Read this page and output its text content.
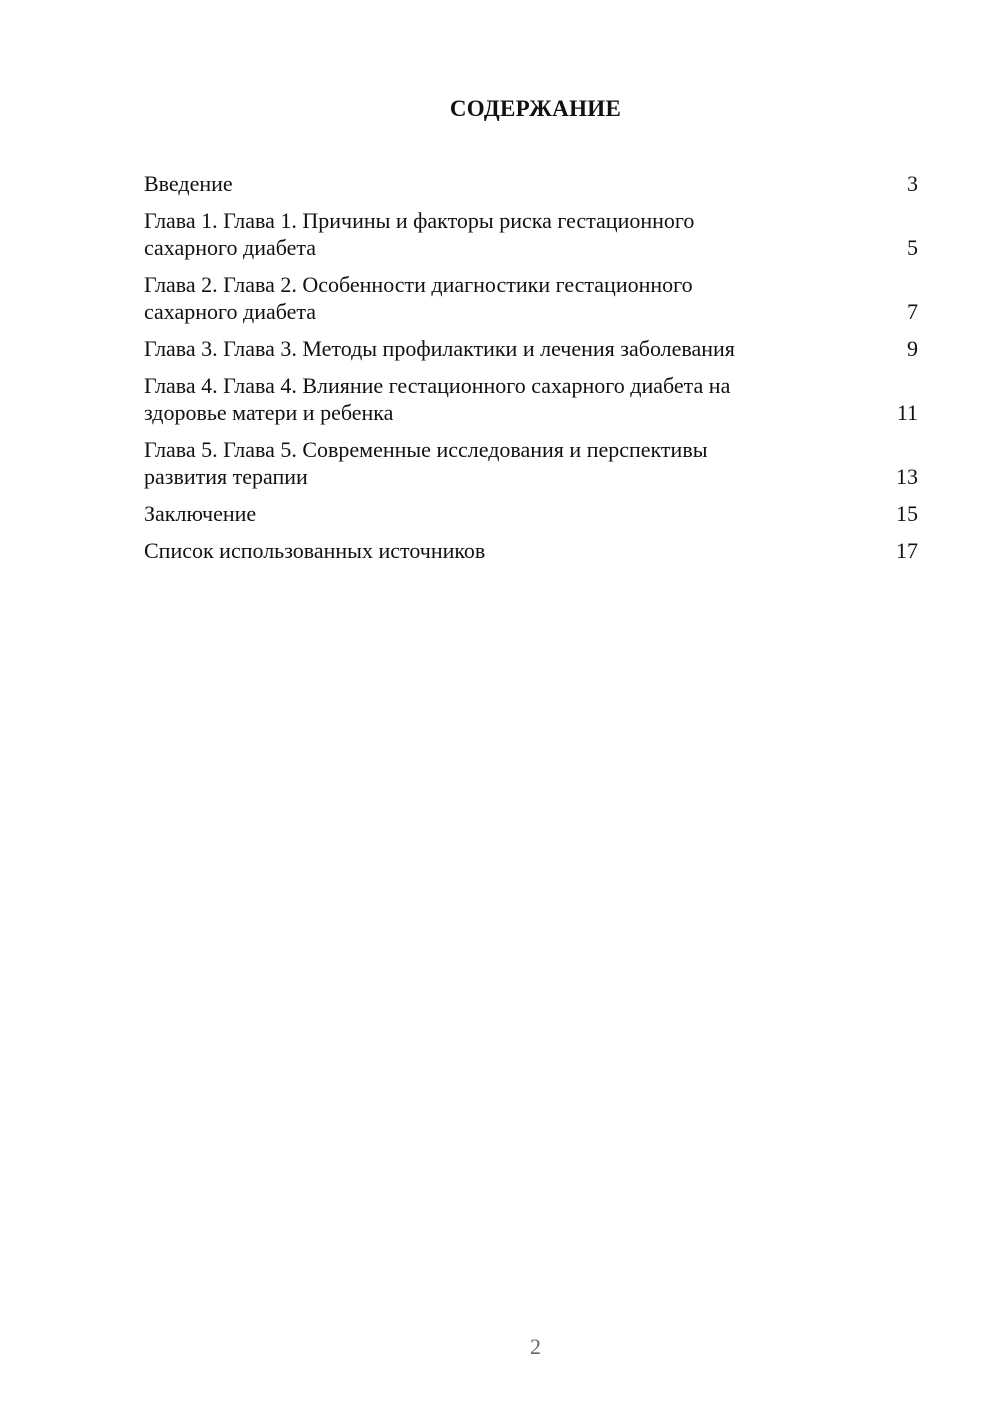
СОДЕРЖАНИЕ
Введение	3
Глава 1. Глава 1. Причины и факторы риска гестационного
сахарного диабета	5
Глава 2. Глава 2. Особенности диагностики гестационного
сахарного диабета	7
Глава 3. Глава 3. Методы профилактики и лечения заболевания	9
Глава 4. Глава 4. Влияние гестационного сахарного диабета на
здоровье матери и ребенка	11
Глава 5. Глава 5. Современные исследования и перспективы
развития терапии	13
Заключение	15
Список использованных источников	17
2
